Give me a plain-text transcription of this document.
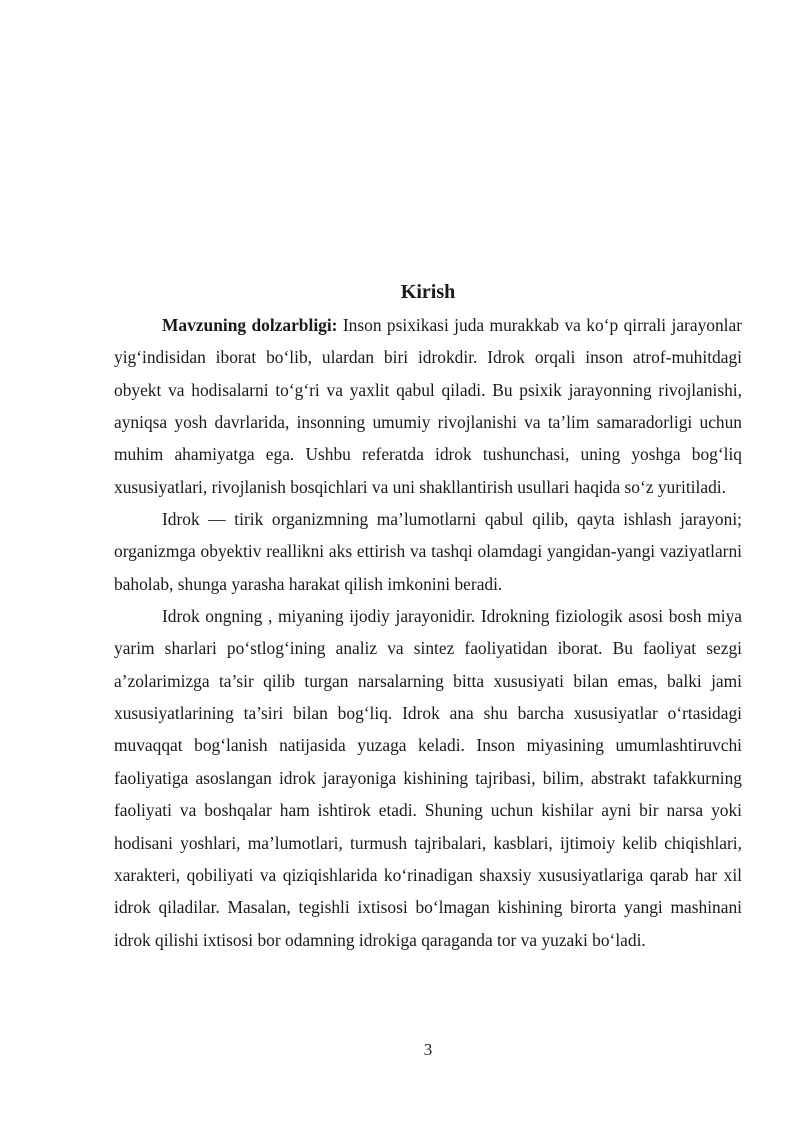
Kirish

Mavzuning dolzarbligi: Inson psixikasi juda murakkab va ko‘p qirrali jarayonlar yig‘indisidan iborat bo‘lib, ulardan biri idrokdir. Idrok orqali inson atrof-muhitdagi obyekt va hodisalarni to‘g‘ri va yaxlit qabul qiladi. Bu psixik jarayonning rivojlanishi, ayniqsa yosh davrlarida, insonning umumiy rivojlanishi va ta’lim samaradorligi uchun muhim ahamiyatga ega. Ushbu referatda idrok tushunchasi, uning yoshga bog‘liq xususiyatlari, rivojlanish bosqichlari va uni shakllantirish usullari haqida so‘z yuritiladi.

Idrok — tirik organizmning ma’lumotlarni qabul qilib, qayta ishlash jarayoni; organizmga obyektiv reallikni aks ettirish va tashqi olamdagi yangidan-yangi vaziyatlarni baholab, shunga yarasha harakat qilish imkonini beradi.

Idrok ongning , miyaning ijodiy jarayonidir. Idrokning fiziologik asosi bosh miya yarim sharlari po‘stlog‘ining analiz va sintez faoliyatidan iborat. Bu faoliyat sezgi a’zolarimizga ta’sir qilib turgan narsalarning bitta xususiyati bilan emas, balki jami xususiyatlarining ta’siri bilan bog‘liq. Idrok ana shu barcha xususiyatlar o‘rtasidagi muvaqqat bog‘lanish natijasida yuzaga keladi. Inson miyasining umumlashtiruvchi faoliyatiga asoslangan idrok jarayoniga kishining tajribasi, bilim, abstrakt tafakkurning faoliyati va boshqalar ham ishtirok etadi. Shuning uchun kishilar ayni bir narsa yoki hodisani yoshlari, ma’lumotlari, turmush tajribalari, kasblari, ijtimoiy kelib chiqishlari, xarakteri, qobiliyati va qiziqishlarida ko‘rinadigan shaxsiy xususiyatlariga qarab har xil idrok qiladilar. Masalan, tegishli ixtisosi bo‘lmagan kishining birorta yangi mashinani idrok qilishi ixtisosi bor odamning idrokiga qaraganda tor va yuzaki bo‘ladi.

3
